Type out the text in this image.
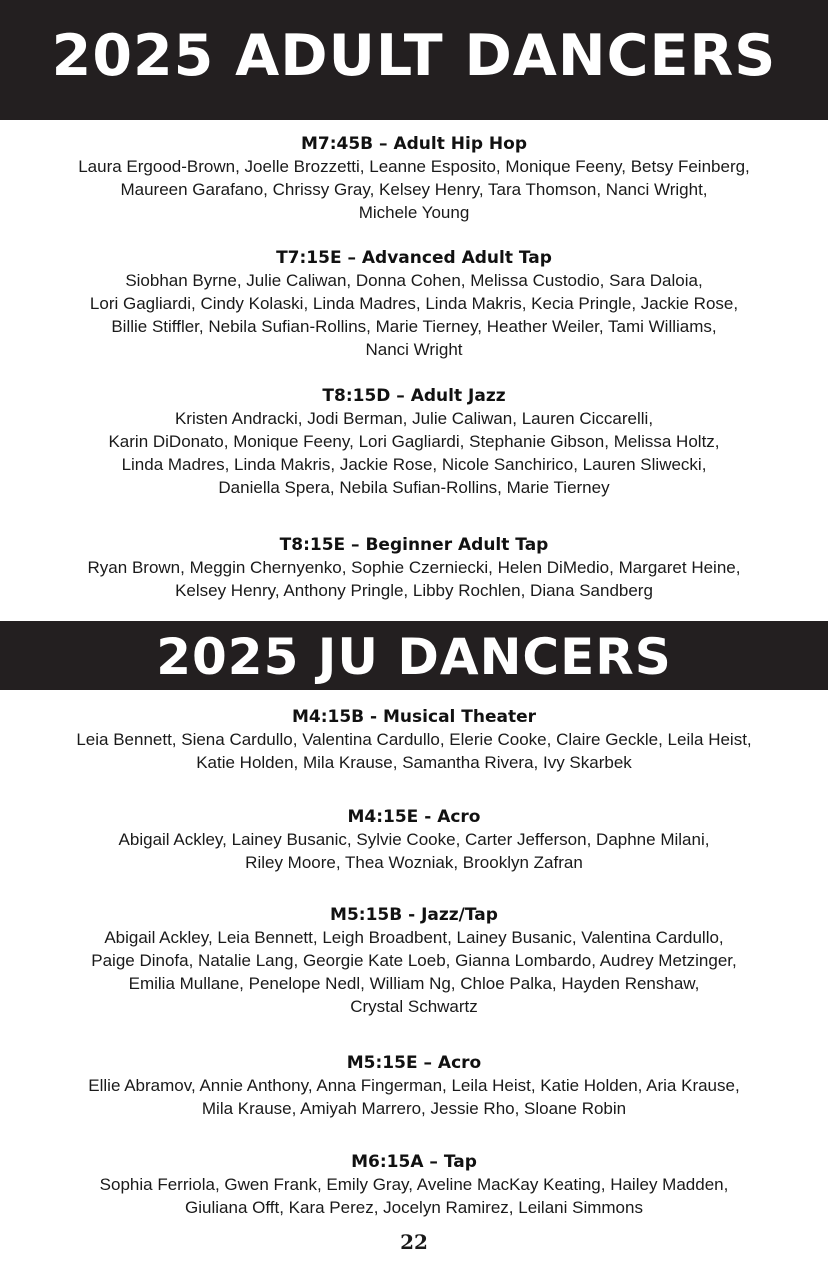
2025 ADULT DANCERS
M7:45B – Adult Hip Hop
Laura Ergood-Brown, Joelle Brozzetti, Leanne Esposito, Monique Feeny, Betsy Feinberg,
Maureen Garafano, Chrissy Gray, Kelsey Henry, Tara Thomson, Nanci Wright,
Michele Young
T7:15E – Advanced Adult Tap
Siobhan Byrne, Julie Caliwan, Donna Cohen, Melissa Custodio, Sara Daloia,
Lori Gagliardi, Cindy Kolaski, Linda Madres, Linda Makris, Kecia Pringle, Jackie Rose,
Billie Stiffler, Nebila Sufian-Rollins, Marie Tierney, Heather Weiler, Tami Williams,
Nanci Wright
T8:15D – Adult Jazz
Kristen Andracki, Jodi Berman, Julie Caliwan, Lauren Ciccarelli,
Karin DiDonato, Monique Feeny, Lori Gagliardi, Stephanie Gibson, Melissa Holtz,
Linda Madres, Linda Makris, Jackie Rose, Nicole Sanchirico, Lauren Sliwecki,
Daniella Spera, Nebila Sufian-Rollins, Marie Tierney
T8:15E – Beginner Adult Tap
Ryan Brown, Meggin Chernyenko, Sophie Czerniecki, Helen DiMedio, Margaret Heine,
Kelsey Henry, Anthony Pringle, Libby Rochlen, Diana Sandberg
2025 JU DANCERS
M4:15B - Musical Theater
Leia Bennett, Siena Cardullo, Valentina Cardullo, Elerie Cooke, Claire Geckle, Leila Heist,
Katie Holden, Mila Krause, Samantha Rivera, Ivy Skarbek
M4:15E - Acro
Abigail Ackley, Lainey Busanic, Sylvie Cooke, Carter Jefferson, Daphne Milani,
Riley Moore, Thea Wozniak, Brooklyn Zafran
M5:15B - Jazz/Tap
Abigail Ackley, Leia Bennett, Leigh Broadbent, Lainey Busanic, Valentina Cardullo,
Paige Dinofa, Natalie Lang, Georgie Kate Loeb, Gianna Lombardo, Audrey Metzinger,
Emilia Mullane, Penelope Nedl, William Ng, Chloe Palka, Hayden Renshaw,
Crystal Schwartz
M5:15E – Acro
Ellie Abramov, Annie Anthony, Anna Fingerman, Leila Heist, Katie Holden, Aria Krause,
Mila Krause, Amiyah Marrero, Jessie Rho, Sloane Robin
M6:15A – Tap
Sophia Ferriola, Gwen Frank, Emily Gray, Aveline MacKay Keating, Hailey Madden,
Giuliana Offt, Kara Perez, Jocelyn Ramirez, Leilani Simmons
22
